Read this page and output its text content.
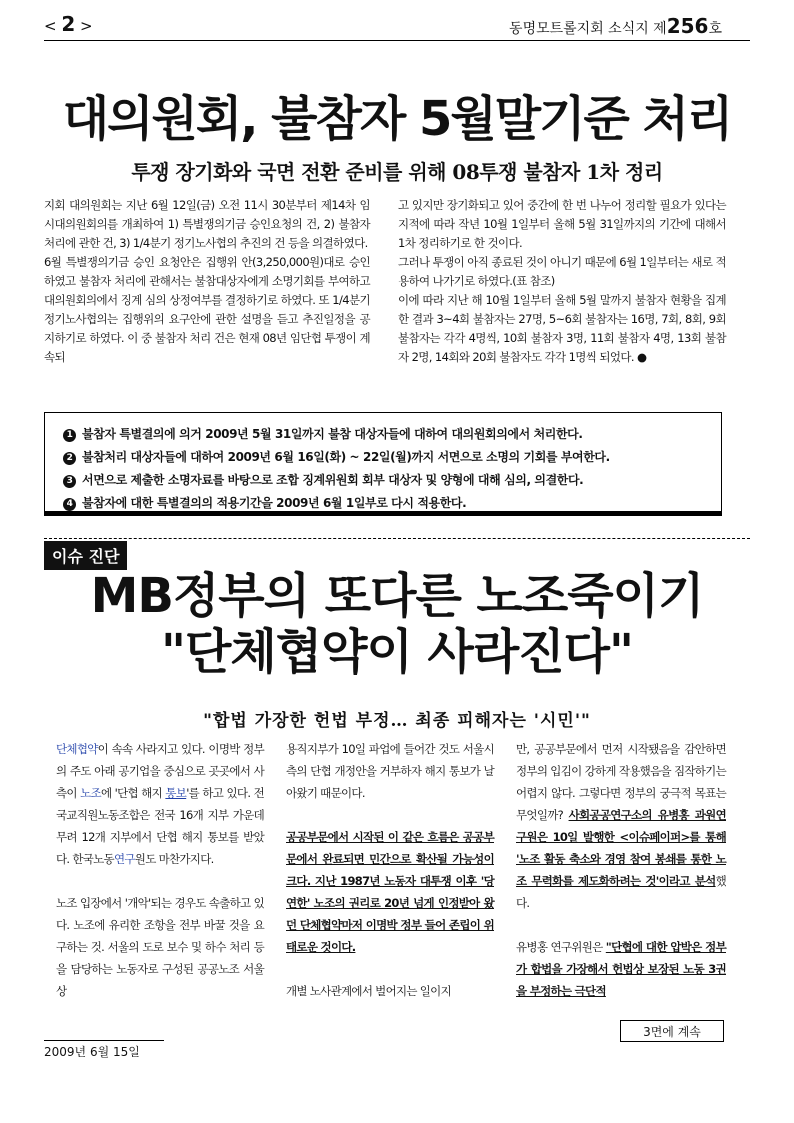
< 2 >	동명모트롤지회 소식지 제256호
대의원회, 불참자 5월말기준 처리
투쟁 장기화와 국면 전환 준비를 위해 08투쟁 불참자 1차 정리

지회 대의원회는 지난 6월 12일(금) 오전 11시 30분부터 제14차 임시대의원회의를 개최하여 1) 특별쟁의기금 승인요청의 건, 2) 불참자 처리에 관한 건, 3) 1/4분기 정기노사협의 추진의 건 등을 의결하였다.

6월 특별쟁의기금 승인 요청안은 집행위 안(3,250,000원)대로 승인하였고 불참자 처리에 관해서는 불참대상자에게 소명기회를 부여하고 대의원회의에서 징계 심의 상정여부를 결정하기로 하였다. 또 1/4분기 정기노사협의는 집행위의 요구안에 관한 설명을 듣고 추진일정을 공지하기로 하였다. 이 중 불참자 처리 건은 현재 08년 임단협 투쟁이 계속되

고 있지만 장기화되고 있어 중간에 한 번 나누어 정리할 필요가 있다는 지적에 따라 작년 10월 1일부터 올해 5월 31일까지의 기간에 대해서 1차 정리하기로 한 것이다.

그러나 투쟁이 아직 종료된 것이 아니기 때문에 6월 1일부터는 새로 적용하여 나가기로 하였다.(표 참조)

이에 따라 지난 해 10월 1일부터 올해 5월 말까지 불참자 현황을 집계한 결과 3~4회 불참자는 27명, 5~6회 불참자는 16명, 7회, 8회, 9회 불참자는 각각 4명씩, 10회 불참자 3명, 11회 불참자 4명, 13회 불참자 2명, 14회와 20회 불참자도 각각 1명씩 되었다. ●

1 불참자 특별결의에 의거 2009년 5월 31일까지 불참 대상자들에 대하여 대의원회의에서 처리한다.
2 불참처리 대상자들에 대하여 2009년 6월 16일(화) ~ 22일(월)까지 서면으로 소명의 기회를 부여한다.
3 서면으로 제출한 소명자료를 바탕으로 조합 징계위원회 회부 대상자 및 양형에 대해 심의, 의결한다.
4 불참자에 대한 특별결의의 적용기간을 2009년 6월 1일부로 다시 적용한다.
이슈 진단
MB정부의 또다른 노조죽이기
"단체협약이 사라진다"
"합법 가장한 헌법 부정… 최종 피해자는 '시민'"

단체협약이 속속 사라지고 있다. 이명박 정부의 주도 아래 공기업을 중심으로 곳곳에서 사측이 노조에 '단협 해지 통보'를 하고 있다. 전국교직원노동조합은 전국 16개 지부 가운데 무려 12개 지부에서 단협 해지 통보를 받았다. 한국노동연구원도 마찬가지다.

노조 입장에서 '개악'되는 경우도 속출하고 있다. 노조에 유리한 조항을 전부 바꿀 것을 요구하는 것. 서울의 도로 보수 및 하수 처리 등을 담당하는 노동자로 구성된 공공노조 서울상

용직지부가 10일 파업에 들어간 것도 서울시 측의 단협 개정안을 거부하자 해지 통보가 날아왔기 때문이다.

공공부문에서 시작된 이 같은 흐름은 공공부문에서 완료되면 민간으로 확산될 가능성이 크다. 지난 1987년 노동자 대투쟁 이후 '당연한' 노조의 권리로 20년 넘게 인정받아 왔던 단체협약마저 이명박 정부 들어 존립이 위태로운 것이다.

개별 노사관계에서 벌어지는 일이지

만, 공공부문에서 먼저 시작됐음을 감안하면 정부의 입김이 강하게 작용했음을 짐작하기는 어렵지 않다. 그렇다면 정부의 궁극적 목표는 무엇일까? 사회공공연구소의 유병홍 과원연구원은 10일 발행한 <이슈페이퍼>를 통해 '노조 활동 축소와 경영 참여 봉쇄를 통한 노조 무력화를 제도화하려는 것'이라고 분석했다.

유병홍 연구위원은 "단협에 대한 압박은 정부가 합법을 가장해서 헌법상 보장된 노동 3권을 부정하는 극단적

3면에 계속
2009년 6월 15일
